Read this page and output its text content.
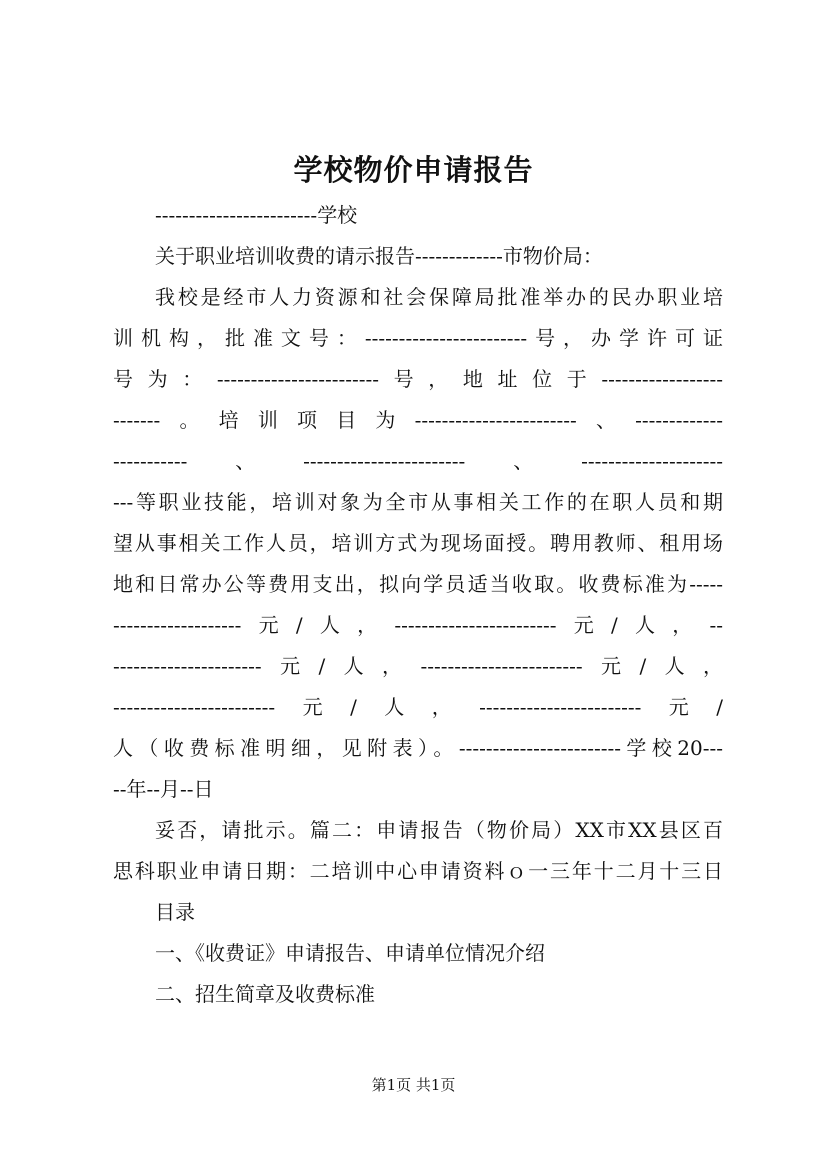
学校物价申请报告
------------------------学校
关于职业培训收费的请示报告-------------市物价局：
我校是经市人力资源和社会保障局批准举办的民办职业培
训机构，批准文号：------------------------号，办学许可证
号为：------------------------号，地址位于------------------
-------。培训项目为------------------------、-------------
-----------、------------------------、---------------------
---等职业技能，培训对象为全市从事相关工作的在职人员和期
望从事相关工作人员，培训方式为现场面授。聘用教师、租用场
地和日常办公等费用支出，拟向学员适当收取。收费标准为-----
-------------------元/人，------------------------元/人，--
----------------------元/人，------------------------元/人，
------------------------元/人，------------------------元/
人（收费标准明细，见附表）。------------------------学校20---
--年--月--日
妥否，请批示。篇二：申请报告（物价局）XX市XX县区百
思科职业申请日期：二培训中心申请资料ｏ一三年十二月十三日
目录
一、《收费证》申请报告、申请单位情况介绍
二、招生简章及收费标准
第1页 共1页
